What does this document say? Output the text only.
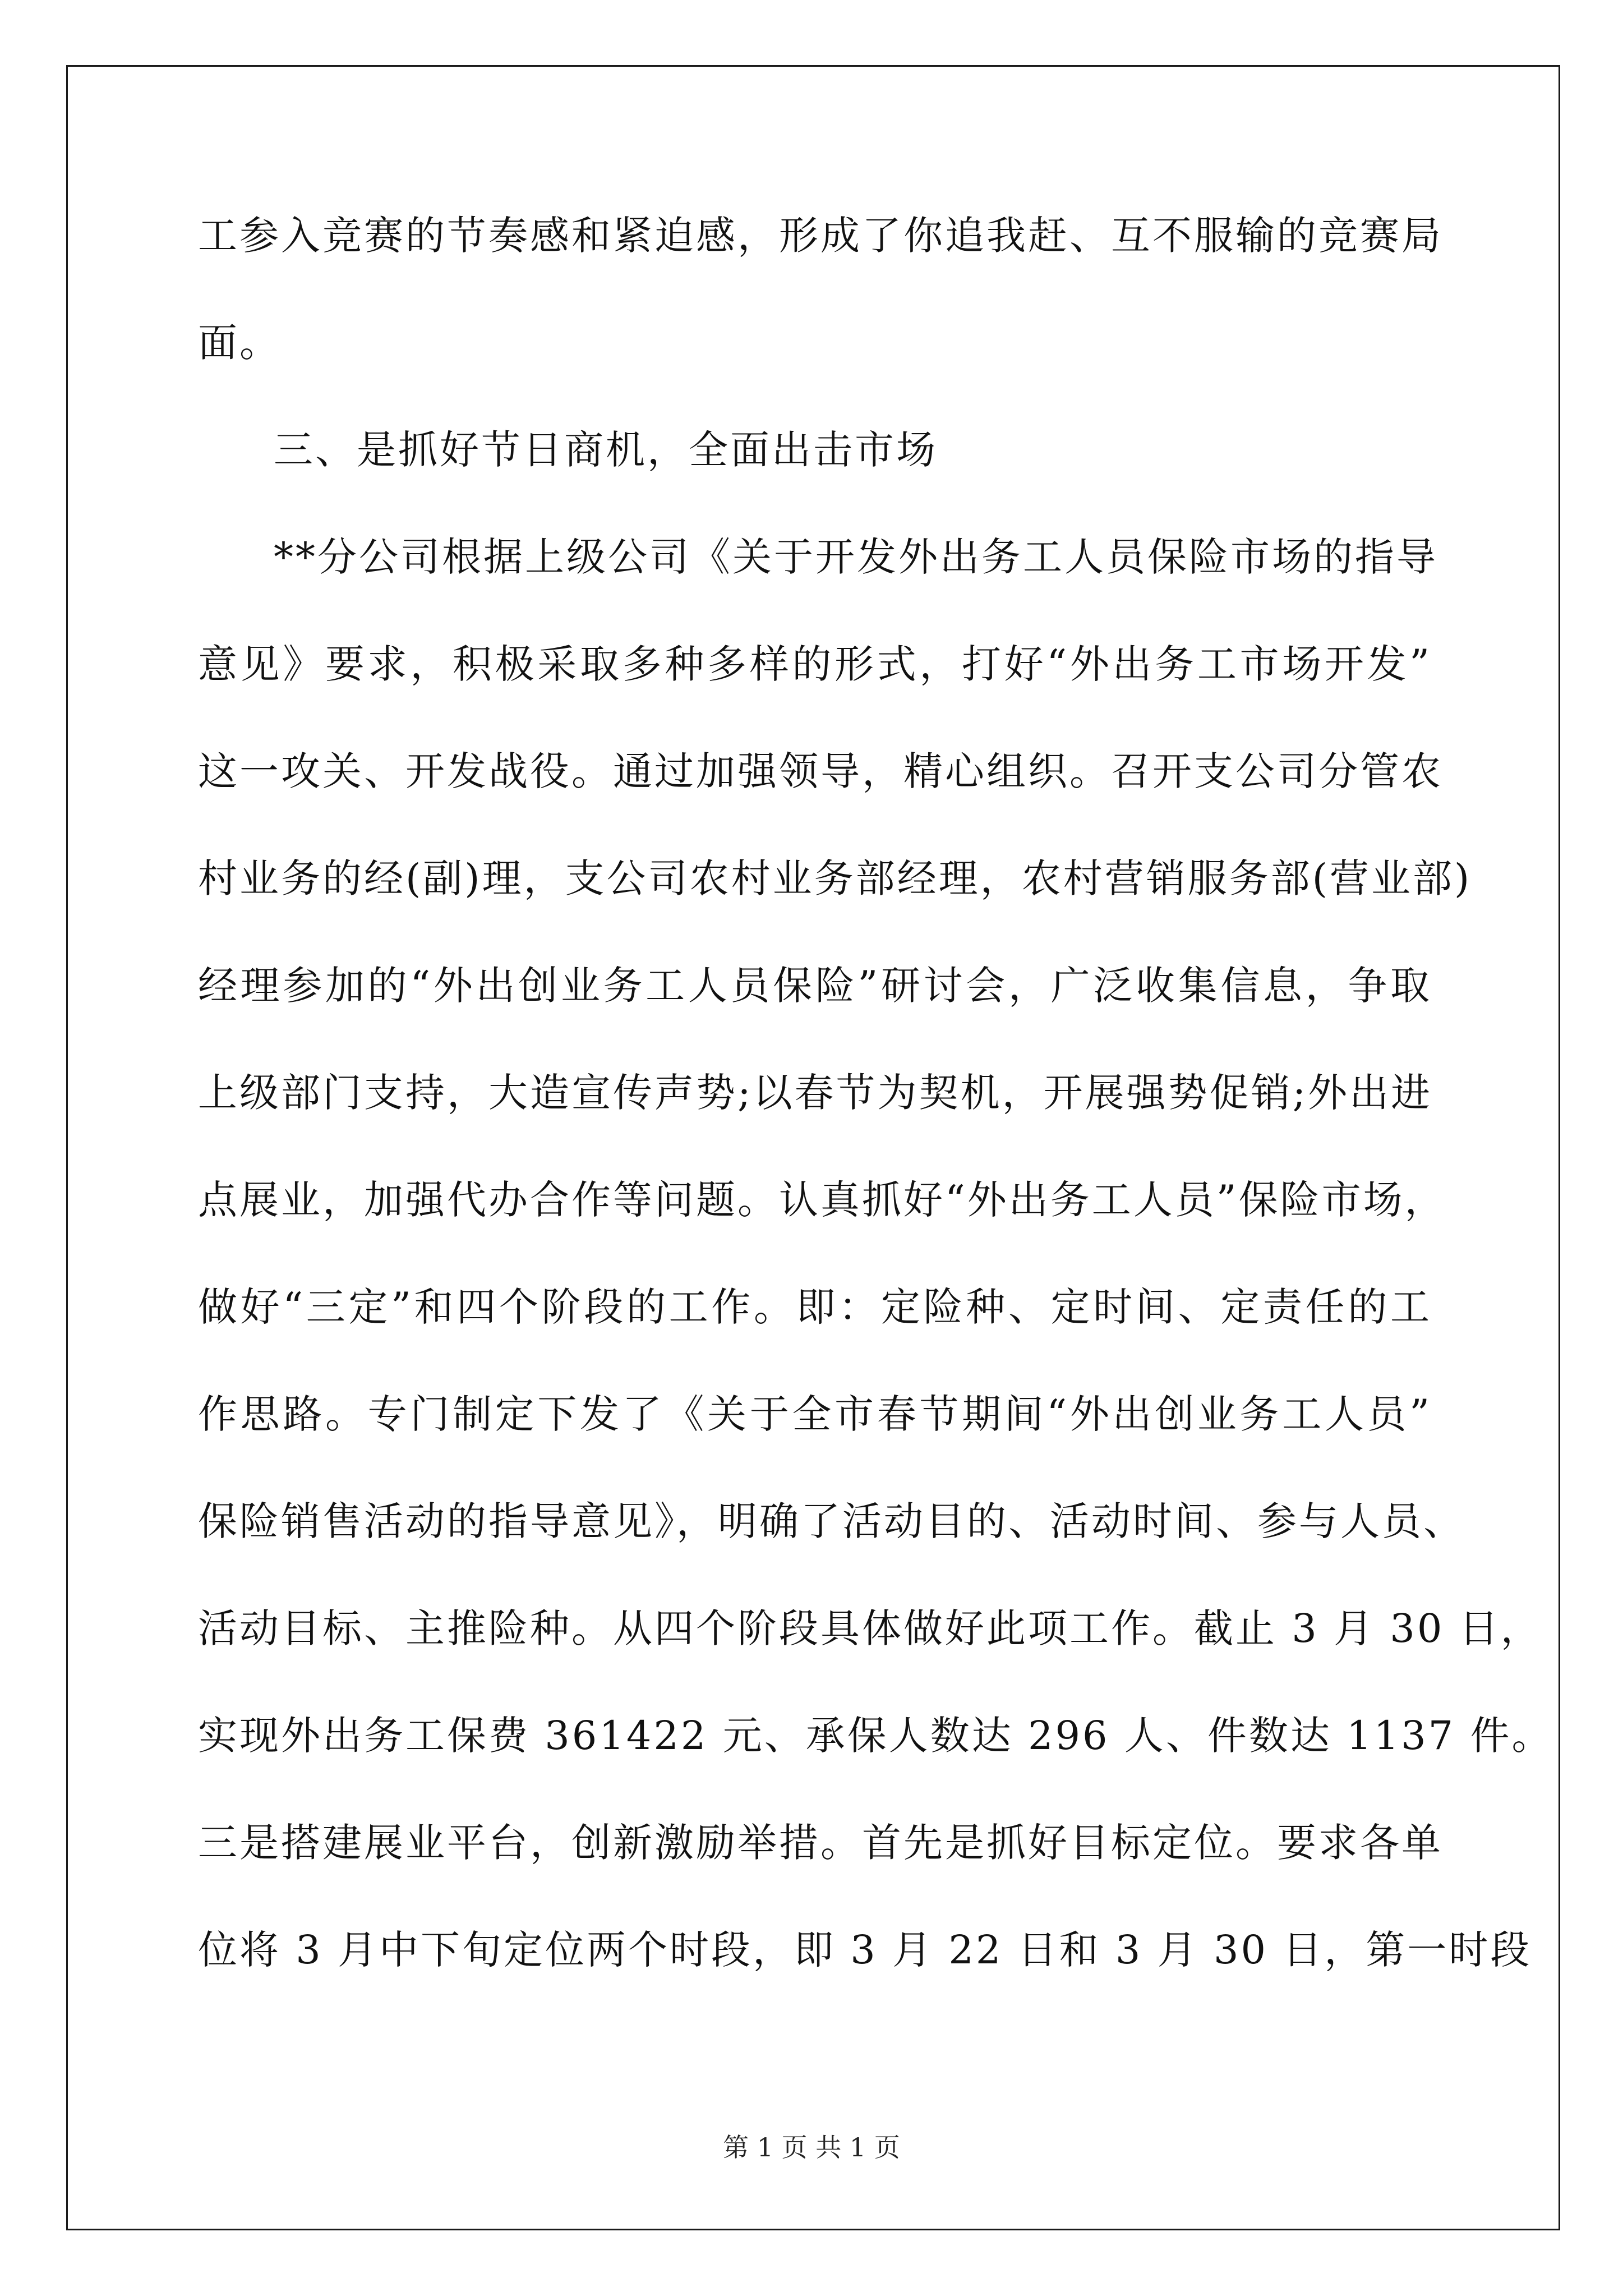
工参入竞赛的节奏感和紧迫感，形成了你追我赶、互不服输的竞赛局
面。
三、是抓好节日商机，全面出击市场
**分公司根据上级公司《关于开发外出务工人员保险市场的指导
意见》要求，积极采取多种多样的形式，打好“外出务工市场开发”
这一攻关、开发战役。通过加强领导，精心组织。召开支公司分管农
村业务的经(副)理，支公司农村业务部经理，农村营销服务部(营业部)
经理参加的“外出创业务工人员保险”研讨会，广泛收集信息，争取
上级部门支持，大造宣传声势;以春节为契机，开展强势促销;外出进
点展业，加强代办合作等问题。认真抓好“外出务工人员”保险市场，
做好“三定”和四个阶段的工作。即：定险种、定时间、定责任的工
作思路。专门制定下发了《关于全市春节期间“外出创业务工人员”
保险销售活动的指导意见》，明确了活动目的、活动时间、参与人员、
活动目标、主推险种。从四个阶段具体做好此项工作。截止 3 月 30 日，
实现外出务工保费 361422 元、承保人数达 296 人、件数达 1137 件。
三是搭建展业平台，创新激励举措。首先是抓好目标定位。要求各单
位将 3 月中下旬定位两个时段，即 3 月 22 日和 3 月 30 日，第一时段
第 1 页 共 1 页
